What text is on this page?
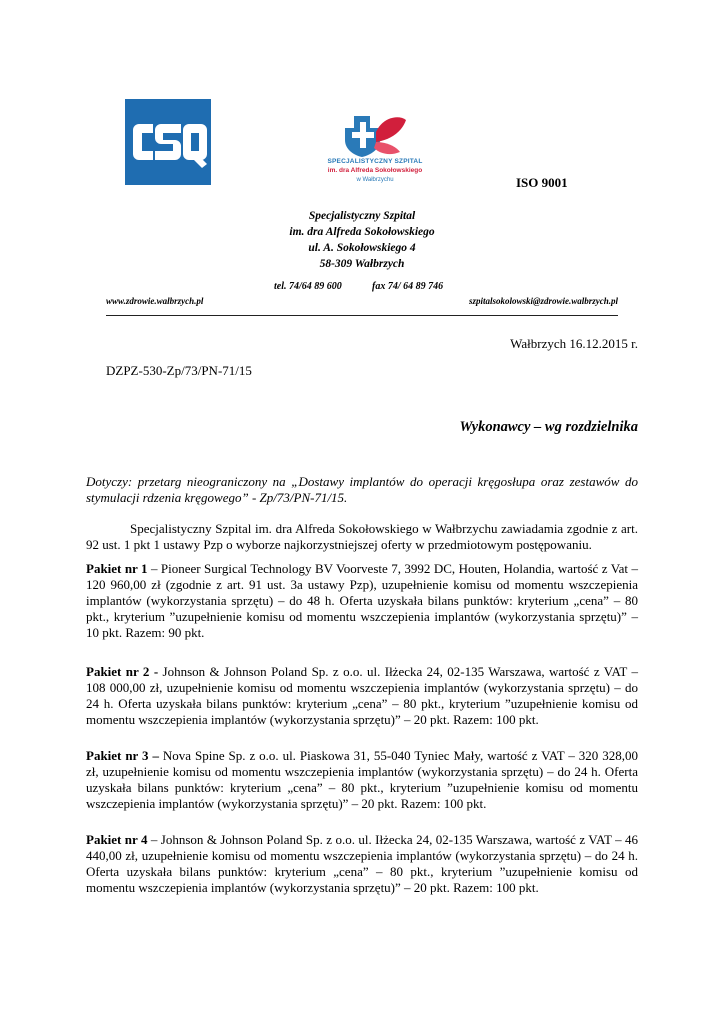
SPECJALISTYCZNY SZPITAL
im. dra Alfreda Sokołowskiego
w Wałbrzychu	ISO 9001
Specjalistyczny Szpital
im. dra Alfreda Sokołowskiego
ul. A. Sokołowskiego 4
58-309 Wałbrzych
tel. 74/64 89 600	fax 74/ 64 89 746
www.zdrowie.walbrzych.pl	szpitalsokolowski@zdrowie.walbrzych.pl
Wałbrzych 16.12.2015 r.
DZPZ-530-Zp/73/PN-71/15
Wykonawcy – wg rozdzielnika

Dotyczy: przetarg nieograniczony na „Dostawy implantów do operacji kręgosłupa oraz zestawów do stymulacji rdzenia kręgowego” - Zp/73/PN-71/15.

Specjalistyczny Szpital im. dra Alfreda Sokołowskiego w Wałbrzychu zawiadamia zgodnie z art. 92 ust. 1 pkt 1 ustawy Pzp o wyborze najkorzystniejszej oferty w przedmiotowym postępowaniu.

Pakiet nr 1 – Pioneer Surgical Technology BV Voorveste 7, 3992 DC, Houten, Holandia, wartość z Vat – 120 960,00 zł (zgodnie z art. 91 ust. 3a ustawy Pzp), uzupełnienie komisu od momentu wszczepienia implantów (wykorzystania sprzętu) – do 48 h. Oferta uzyskała bilans punktów: kryterium „cena” – 80 pkt., kryterium ”uzupełnienie komisu od momentu wszczepienia implantów (wykorzystania sprzętu)” – 10 pkt. Razem: 90 pkt.

Pakiet nr 2 - Johnson & Johnson Poland Sp. z o.o. ul. Iłżecka 24, 02-135 Warszawa, wartość z VAT – 108 000,00 zł, uzupełnienie komisu od momentu wszczepienia implantów (wykorzystania sprzętu) – do 24 h. Oferta uzyskała bilans punktów: kryterium „cena” – 80 pkt., kryterium ”uzupełnienie komisu od momentu wszczepienia implantów (wykorzystania sprzętu)” – 20 pkt. Razem: 100 pkt.

Pakiet nr 3 – Nova Spine Sp. z o.o. ul. Piaskowa 31, 55-040 Tyniec Mały, wartość z VAT – 320 328,00 zł, uzupełnienie komisu od momentu wszczepienia implantów (wykorzystania sprzętu) – do 24 h. Oferta uzyskała bilans punktów: kryterium „cena” – 80 pkt., kryterium ”uzupełnienie komisu od momentu wszczepienia implantów (wykorzystania sprzętu)” – 20 pkt. Razem: 100 pkt.

Pakiet nr 4 – Johnson & Johnson Poland Sp. z o.o. ul. Iłżecka 24, 02-135 Warszawa, wartość z VAT – 46 440,00 zł, uzupełnienie komisu od momentu wszczepienia implantów (wykorzystania sprzętu) – do 24 h. Oferta uzyskała bilans punktów: kryterium „cena” – 80 pkt., kryterium ”uzupełnienie komisu od momentu wszczepienia implantów (wykorzystania sprzętu)” – 20 pkt. Razem: 100 pkt.
